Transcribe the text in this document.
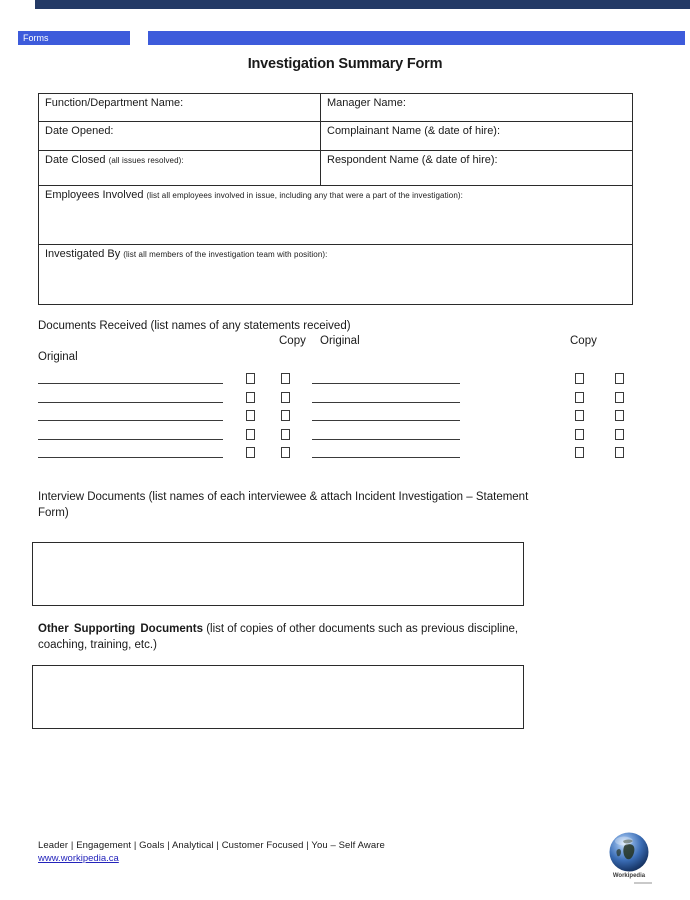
Forms
Investigation Summary Form
Function/Department Name:	Manager Name:
Date Opened:	Complainant Name (& date of hire):
Date Closed (all issues resolved):	Respondent Name (& date of hire):
Employees Involved (list all employees involved in issue, including any that were a part of the investigation):	
Investigated By (list all members of the investigation team with position):	
Documents Received (list names of any statements received)
Copy Original	Copy
Original
Interview Documents (list names of each interviewee & attach Incident Investigation – Statement
Form)
Other Supporting Documents (list of copies of other documents such as previous discipline,
coaching, training, etc.)
Leader | Engagement | Goals | Analytical | Customer Focused | You – Self Aware
www.workipedia.ca
Workipedia
